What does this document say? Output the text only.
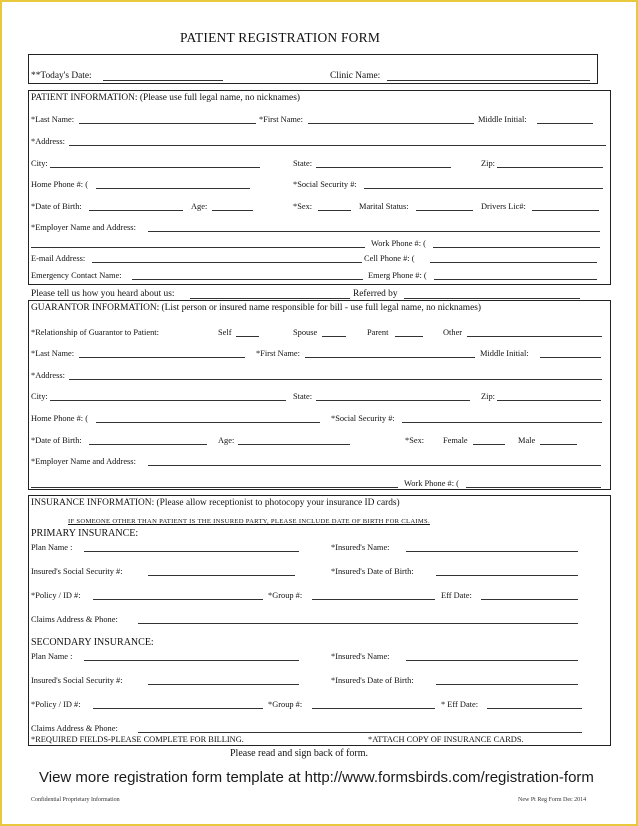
PATIENT REGISTRATION FORM
**Today's Date:	Clinic Name:
PATIENT INFORMATION: (Please use full legal name, no nicknames)
*Last Name:	*First Name:	Middle Initial:
*Address:
City:	State:	Zip:
Home Phone #: (	*Social Security #:
*Date of Birth:	Age:	*Sex:	Marital Status:	Drivers Lic#:
*Employer Name and Address:
Work Phone #: (
E-mail Address:	Cell Phone #: (
Emergency Contact Name:	Emerg Phone #: (
Please tell us how you heard about us:	Referred by
GUARANTOR INFORMATION: (List person or insured name responsible for bill - use full legal name, no nicknames)
*Relationship of Guarantor to Patient:	Self	Spouse	Parent	Other
*Last Name:	*First Name:	Middle Initial:
*Address:
City:	State:	Zip:
Home Phone #: (	*Social Security #:
*Date of Birth:	Age:	*Sex: Female	Male
*Employer Name and Address:
Work Phone #: (
INSURANCE INFORMATION: (Please allow receptionist to photocopy your insurance ID cards)
IF SOMEONE OTHER THAN PATIENT IS THE INSURED PARTY, PLEASE INCLUDE DATE OF BIRTH FOR CLAIMS.
PRIMARY INSURANCE:
Plan Name :	*Insured's Name:
Insured's Social Security #:	*Insured's Date of Birth:
*Policy / ID #:	*Group #:	Eff Date:
Claims Address & Phone:
SECONDARY INSURANCE:
Plan Name :	*Insured's Name:
Insured's Social Security #:	*Insured's Date of Birth:
*Policy / ID #:	*Group #:	* Eff Date:
Claims Address & Phone:
*REQUIRED FIELDS-PLEASE COMPLETE FOR BILLING.	*ATTACH COPY OF INSURANCE CARDS.
Please read and sign back of form.
View more registration form template at http://www.formsbirds.com/registration-form
Confidential Proprietary Information	New Pt Reg Form Dec 2014
